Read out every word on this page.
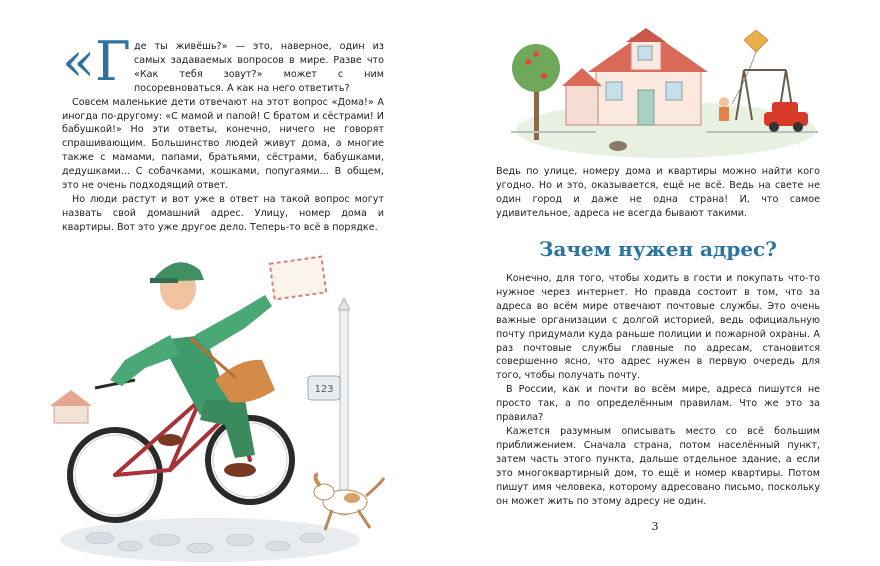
«Г де ты живёшь?» — это, наверное, один из самых задаваемых вопросов в мире. Разве что «Как тебя зовут?» может с ним посоревноваться. А как на него ответить?

Совсем маленькие дети отвечают на этот вопрос «Дома!» А иногда по-другому: «С мамой и папой! С братом и сёстрами! И бабушкой!» Но эти ответы, конечно, ничего не говорят спрашивающим. Большинство людей живут дома, а многие также с мамами, папами, братьями, сёстрами, бабушками, дедушками... С собачками, кошками, попугаями... В общем, это не очень подходящий ответ.

Но люди растут и вот уже в ответ на такой вопрос могут назвать свой домашний адрес. Улицу, номер дома и квартиры. Вот это уже другое дело. Теперь-то всё в порядке.

123

Ведь по улице, номеру дома и квартиры можно найти кого угодно. Но и это, оказывается, ещё не всё. Ведь на свете не один город и даже не одна страна! И, что самое удивительное, адреса не всегда бывают такими.

Зачем нужен адрес?

Конечно, для того, чтобы ходить в гости и покупать что-то нужное через интернет. Но правда состоит в том, что за адреса во всём мире отвечают почтовые службы. Это очень важные организации с долгой историей, ведь официальную почту придумали куда раньше полиции и пожарной охраны. А раз почтовые службы главные по адресам, становится совершенно ясно, что адрес нужен в первую очередь для того, чтобы получать почту.

В России, как и почти во всём мире, адреса пишутся не просто так, а по определённым правилам. Что же это за правила?

Кажется разумным описывать место со всё большим приближением. Сначала страна, потом населённый пункт, затем часть этого пункта, дальше отдельное здание, а если это многоквартирный дом, то ещё и номер квартиры. Потом пишут имя человека, которому адресовано письмо, поскольку он может жить по этому адресу не один.

3
